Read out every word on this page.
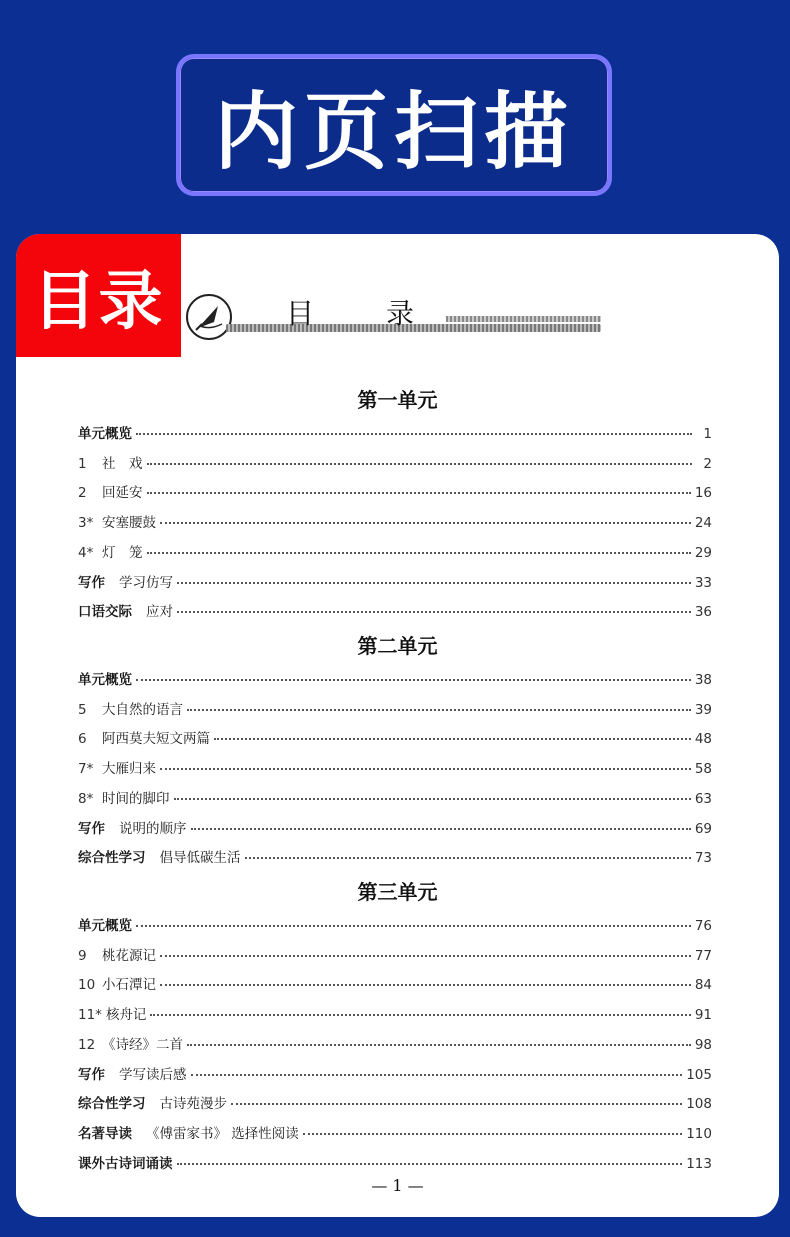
内页扫描
目录	目	录
第一单元
单元概览	1
1	社　戏	2
2	回延安	16
3* 安塞腰鼓	24
4* 灯　笼	29
写作 学习仿写	33
口语交际 应对	36
第二单元
单元概览	38
5	大自然的语言	39
6	阿西莫夫短文两篇	48
7* 大雁归来	58
8* 时间的脚印	63
写作 说明的顺序	69
综合性学习 倡导低碳生活	73
第三单元
单元概览	76
9	桃花源记	77
10 小石潭记	84
11* 核舟记	91
12 《诗经》二首	98
写作 学写读后感	105
综合性学习 古诗苑漫步	108
名著导读 《傅雷家书》 选择性阅读	110
课外古诗词诵读	113
— 1 —
